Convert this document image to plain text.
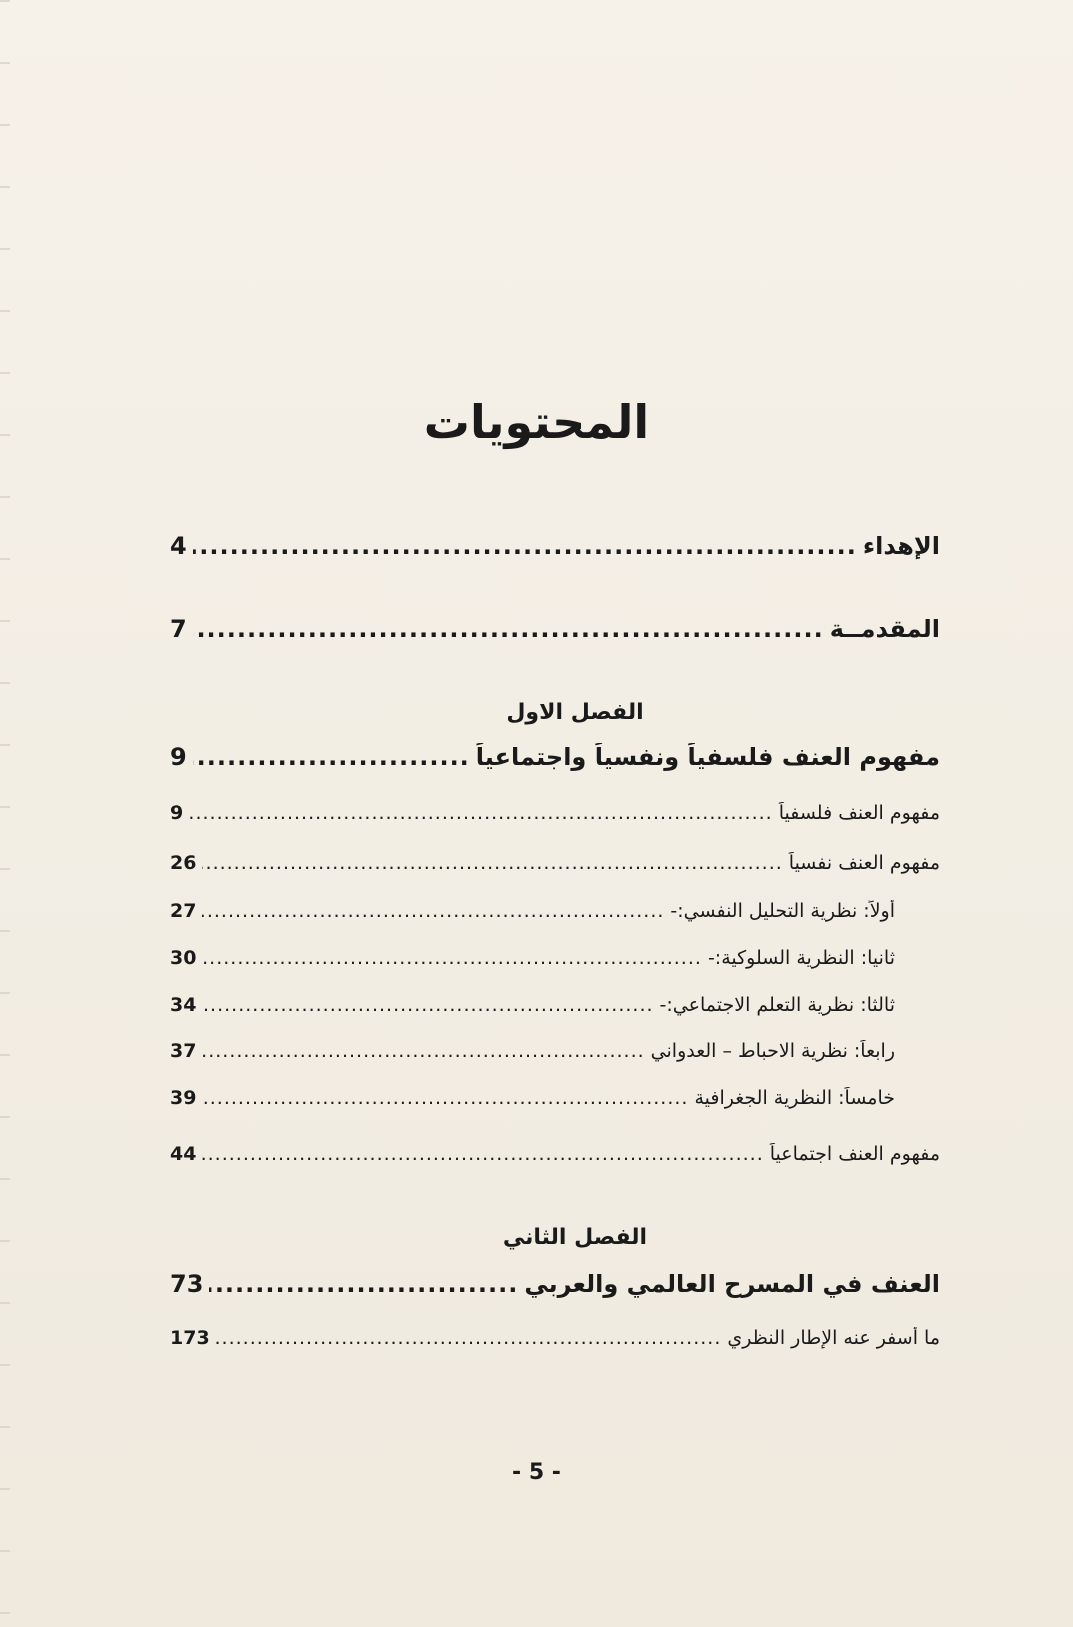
المحتويات
الإهداء
.....
4
المقدمــة
.....
7
الفصل الاول
مفهوم العنف فلسفياً ونفسياً واجتماعياً
.....
9
مفهوم العنف فلسفياً
.....
9
مفهوم العنف نفسياً
.....
26
أولاً: نظرية التحليل النفسي:-
.....
27
ثانيا: النظرية السلوكية:-
.....
30
ثالثا: نظرية التعلم الاجتماعي:-
.....
34
رابعاً: نظرية الاحباط – العدواني
.....
37
خامساً: النظرية الجغرافية
.....
39
مفهوم العنف اجتماعياً
.....
44
الفصل الثاني
العنف في المسرح العالمي والعربي
.....
73
ما أسفر عنه الإطار النظري
.....
173
- 5 -
